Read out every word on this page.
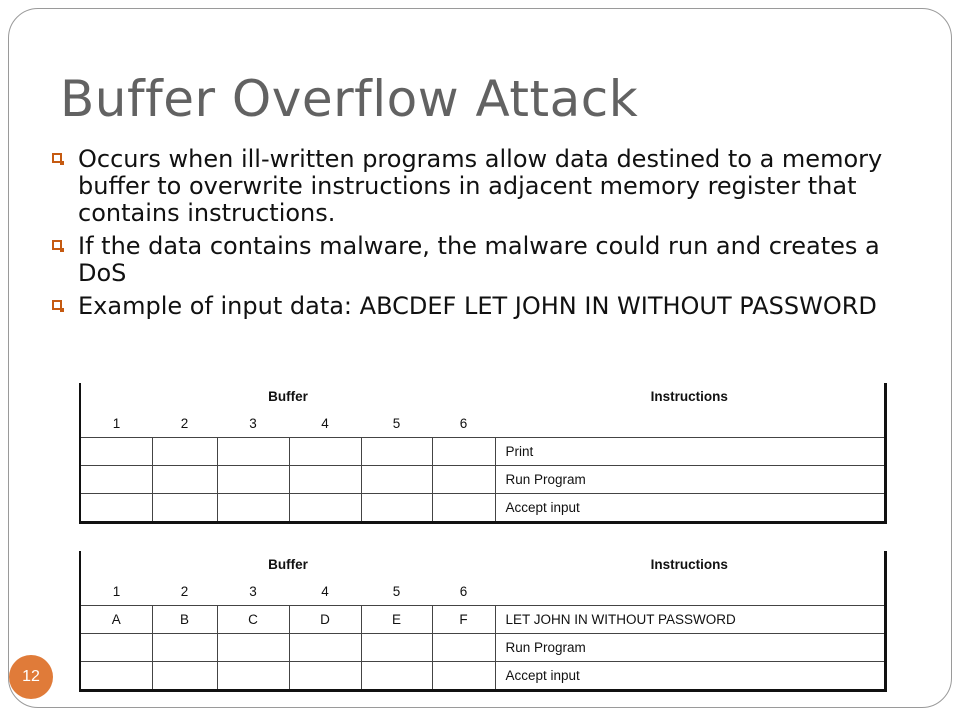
Buffer Overflow Attack
Occurs when ill-written programs allow data destined to a memory buffer to overwrite instructions in adjacent memory register that contains instructions.
If the data contains malware, the malware could run and creates a DoS
Example of input data: ABCDEF LET JOHN IN WITHOUT PASSWORD
Buffer						Instructions
1	2	3	4	5	6	
						Print
						Run Program
						Accept input
Buffer						Instructions
1	2	3	4	5	6	
A	B	C	D	E	F	LET JOHN IN WITHOUT PASSWORD
						Run Program
						Accept input
12
